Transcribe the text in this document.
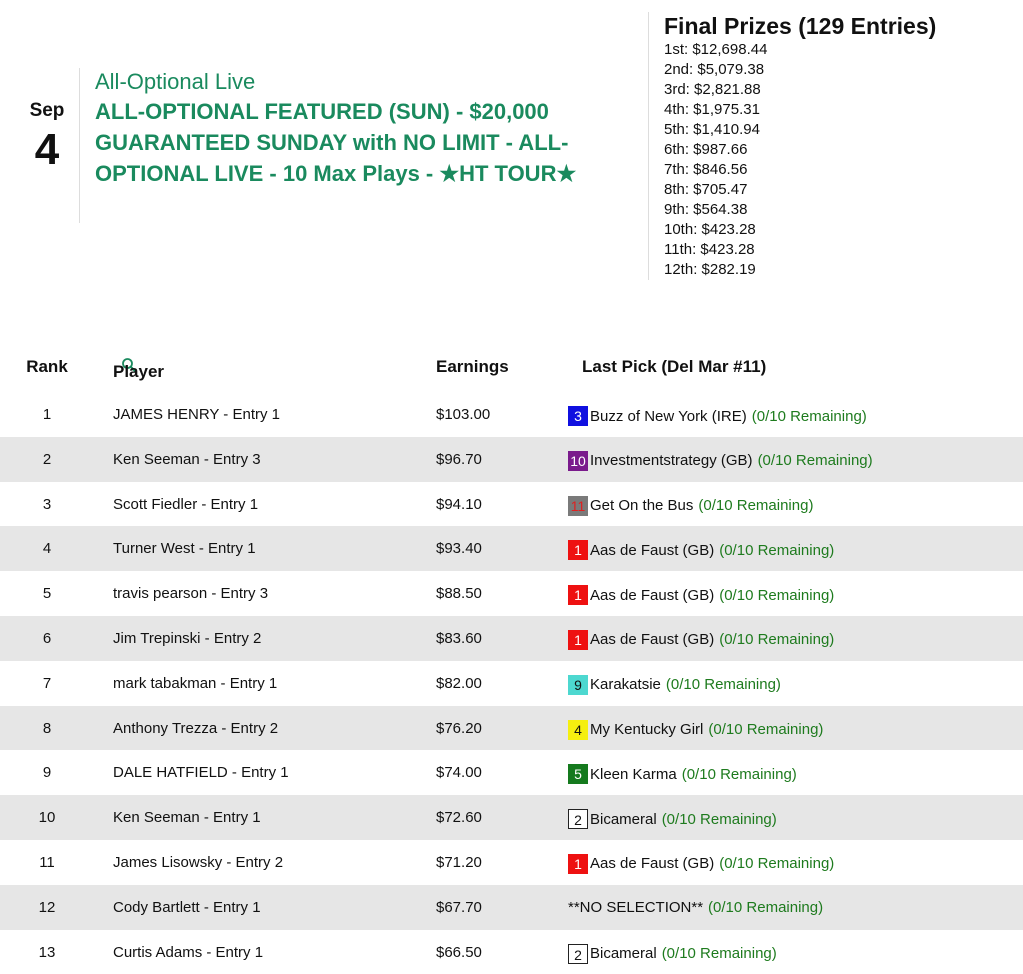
Sep
4
All-Optional Live
ALL-OPTIONAL FEATURED (SUN) - $20,000 GUARANTEED SUNDAY with NO LIMIT - ALL-OPTIONAL LIVE - 10 Max Plays - ★HT TOUR★
Final Prizes (129 Entries)
1st: $12,698.44
2nd: $5,079.38
3rd: $2,821.88
4th: $1,975.31
5th: $1,410.94
6th: $987.66
7th: $846.56
8th: $705.47
9th: $564.38
10th: $423.28
11th: $423.28
12th: $282.19
Rank	Player	Earnings	Last Pick (Del Mar #11)
1	JAMES HENRY - Entry 1	$103.00	3 Buzz of New York (IRE) (0/10 Remaining)
2	Ken Seeman - Entry 3	$96.70	10 Investmentstrategy (GB) (0/10 Remaining)
3	Scott Fiedler - Entry 1	$94.10	11 Get On the Bus (0/10 Remaining)
4	Turner West - Entry 1	$93.40	1 Aas de Faust (GB) (0/10 Remaining)
5	travis pearson - Entry 3	$88.50	1 Aas de Faust (GB) (0/10 Remaining)
6	Jim Trepinski - Entry 2	$83.60	1 Aas de Faust (GB) (0/10 Remaining)
7	mark tabakman - Entry 1	$82.00	9 Karakatsie (0/10 Remaining)
8	Anthony Trezza - Entry 2	$76.20	4 My Kentucky Girl (0/10 Remaining)
9	DALE HATFIELD - Entry 1	$74.00	5 Kleen Karma (0/10 Remaining)
10	Ken Seeman - Entry 1	$72.60	2 Bicameral (0/10 Remaining)
11	James Lisowsky - Entry 2	$71.20	1 Aas de Faust (GB) (0/10 Remaining)
12	Cody Bartlett - Entry 1	$67.70	**NO SELECTION** (0/10 Remaining)
13	Curtis Adams - Entry 1	$66.50	2 Bicameral (0/10 Remaining)
